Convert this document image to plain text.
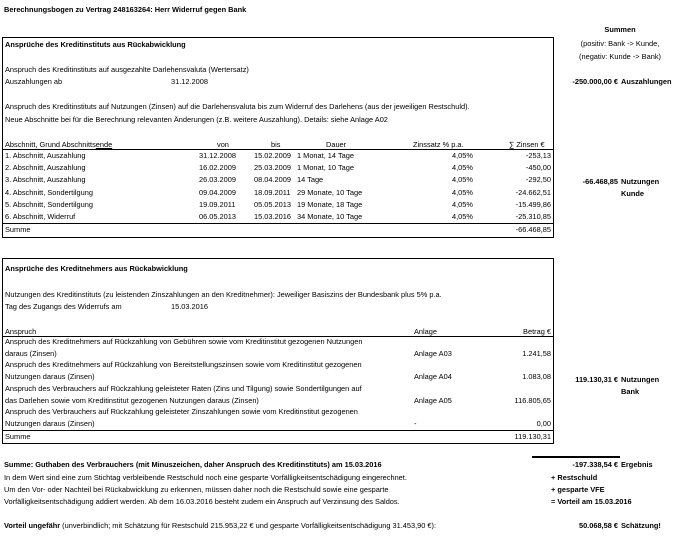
Berechnungsbogen zu Vertrag 248163264: Herr Widerruf gegen Bank
Summen
(positiv: Bank -> Kunde,
(negativ: Kunde -> Bank)
Ansprüche des Kreditinstituts aus Rückabwicklung
Anspruch des Kreditinstituts auf ausgezahlte Darlehensvaluta (Wertersatz)
Auszahlungen ab	31.12.2008
Anspruch des Kreditinstituts auf Nutzungen (Zinsen) auf die Darlehensvaluta bis zum Widerruf des Darlehens (aus der jeweiligen Restschuld).
Neue Abschnitte bei für die Berechnung relevanten Änderungen (z.B. weitere Auszahlung). Details: siehe Anlage A02
Abschnitt, Grund Abschnittsende	von	bis	Dauer	Zinssatz % p.a.	∑ Zinsen €
1. Abschnitt, Auszahlung	31.12.2008 15.02.2009 1 Monat, 14 Tage	4,05%	-253,13
2. Abschnitt, Auszahlung	16.02.2009 25.03.2009 1 Monat, 10 Tage	4,05%	-450,00
3. Abschnitt, Auszahlung	26.03.2009 08.04.2009 14 Tage	4,05%	-292,50
4. Abschnitt, Sondertilgung	09.04.2009 18.09.2011 29 Monate, 10 Tage	4,05%	-24.662,51
5. Abschnitt, Sondertilgung	19.09.2011	05.05.2013 19 Monate, 18 Tage	4,05%	-15.499,86
6. Abschnitt, Widerruf	06.05.2013 15.03.2016 34 Monate, 10 Tage	4,05%	-25.310,85
Summe	-66.468,85
-250.000,00 € Auszahlungen
-66.468,85 Nutzungen
Kunde
Ansprüche des Kreditnehmers aus Rückabwicklung
Nutzungen des Kreditinstituts (zu leistenden Zinszahlungen an den Kreditnehmer): Jeweiliger Basiszins der Bundesbank plus 5% p.a.
Tag des Zugangs des Widerrufs am	15.03.2016
Anspruch	Anlage	Betrag €
Anspruch des Kreditnehmers auf Rückzahlung von Gebühren sowie vom Kreditinstitut gezogenen Nutzungen
daraus (Zinsen)	Anlage A03	1.241,58
Anspruch des Kreditnehmers auf Rückzahlung von Bereitstellungszinsen sowie vom Kreditinstitut gezogenen
Nutzungen daraus (Zinsen)	Anlage A04	1.083,08
Anspruch des Verbrauchers auf Rückzahlung geleisteter Raten (Zins und Tilgung) sowie Sondertilgungen auf
das Darlehen sowie vom Kreditinstitut gezogenen Nutzungen daraus (Zinsen)	Anlage A05	116.805,65
Anspruch des Verbrauchers auf Rückzahlung geleisteter Zinszahlungen sowie vom Kreditinstitut gezogenen
Nutzungen daraus (Zinsen)	-	0,00
Summe	119.130,31
119.130,31 € Nutzungen
Bank
Summe: Guthaben des Verbrauchers (mit Minuszeichen, daher Anspruch des Kreditinstituts) am 15.03.2016
In dem Wert sind eine zum Stichtag verbleibende Restschuld noch eine gesparte Vorfälligkeitsentschädigung eingerechnet.
Um den Vor- oder Nachteil bei Rückabwicklung zu erkennen, müssen daher noch die Restschuld sowie eine gesparte
Vorfälligkeitsentschädigung addiert werden. Ab dem 16.03.2016 besteht zudem ein Anspruch auf Verzinsung des Saldos.
Vorteil ungefähr (unverbindlich; mit Schätzung für Restschuld 215.953,22 € und gesparte Vorfälligkeitsentschädigung 31.453,90 €):
-197.338,54 € Ergebnis
+ Restschuld
+ gesparte VFE
= Vorteil am 15.03.2016
50.068,58 € Schätzung!
